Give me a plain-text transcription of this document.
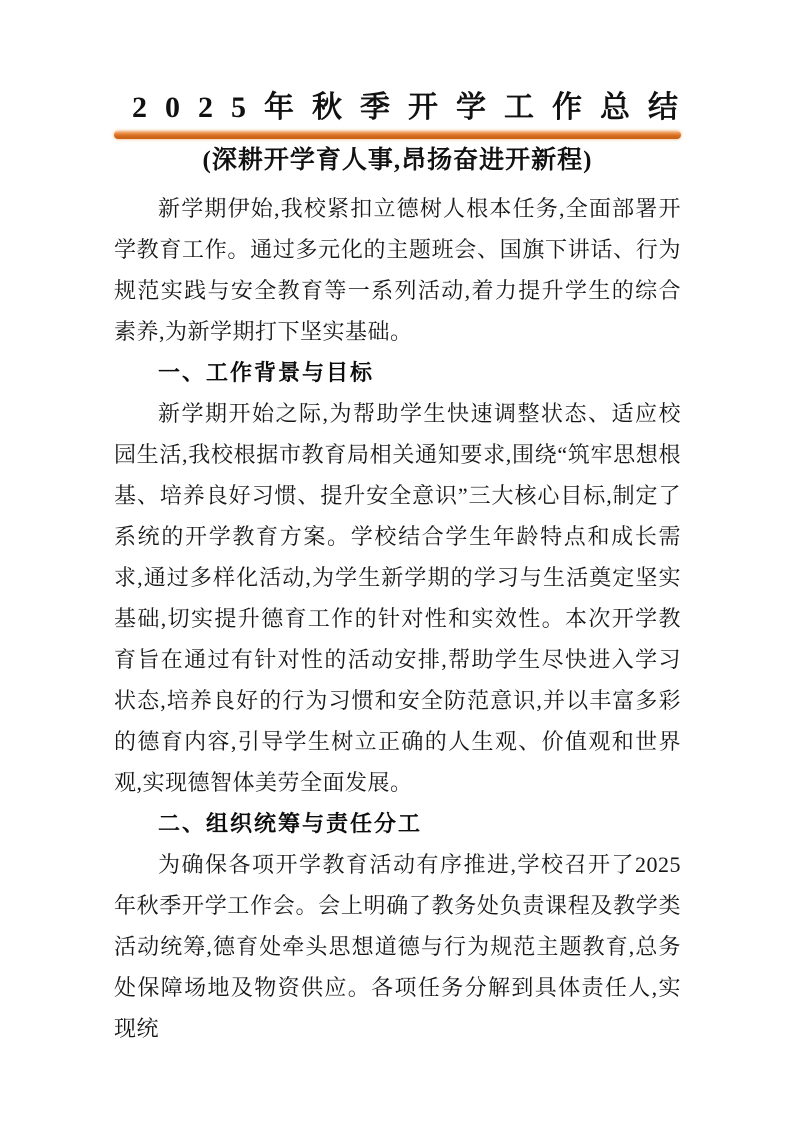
2025年秋季开学工作总结
(深耕开学育人事,昂扬奋进开新程)

新学期伊始,我校紧扣立德树人根本任务,全面部署开学教育工作。通过多元化的主题班会、国旗下讲话、行为规范实践与安全教育等一系列活动,着力提升学生的综合素养,为新学期打下坚实基础。

一、工作背景与目标

新学期开始之际,为帮助学生快速调整状态、适应校园生活,我校根据市教育局相关通知要求,围绕“筑牢思想根基、培养良好习惯、提升安全意识”三大核心目标,制定了系统的开学教育方案。学校结合学生年龄特点和成长需求,通过多样化活动,为学生新学期的学习与生活奠定坚实基础,切实提升德育工作的针对性和实效性。本次开学教育旨在通过有针对性的活动安排,帮助学生尽快进入学习状态,培养良好的行为习惯和安全防范意识,并以丰富多彩的德育内容,引导学生树立正确的人生观、价值观和世界观,实现德智体美劳全面发展。

二、组织统筹与责任分工

为确保各项开学教育活动有序推进,学校召开了2025年秋季开学工作会。会上明确了教务处负责课程及教学类活动统筹,德育处牵头思想道德与行为规范主题教育,总务处保障场地及物资供应。各项任务分解到具体责任人,实现统
